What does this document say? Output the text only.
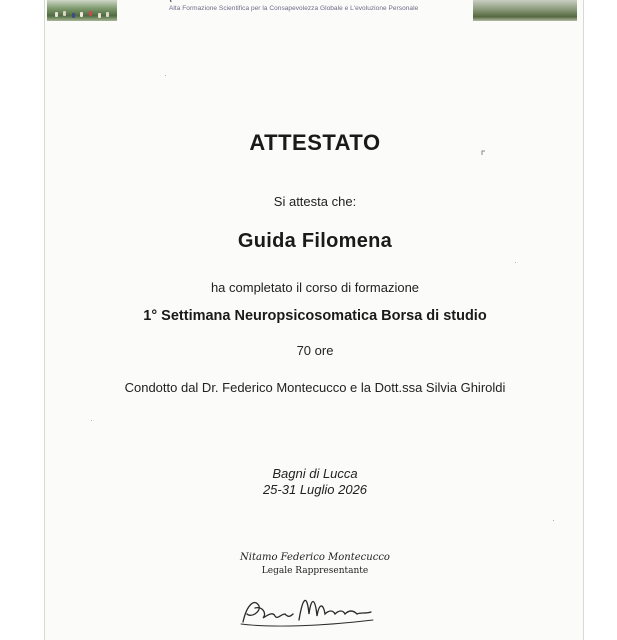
Alta Formazione Scientifica per la Consapevolezza Globale e L'evoluzione Personale
ATTESTATO
Si attesta che:
Guida Filomena
ha completato il corso di formazione
1° Settimana Neuropsicosomatica Borsa di studio
70 ore
Condotto dal Dr. Federico Montecucco e la Dott.ssa Silvia Ghiroldi
Bagni di Lucca
25-31 Luglio 2026
Nitamo Federico Montecucco
Legale Rappresentante
